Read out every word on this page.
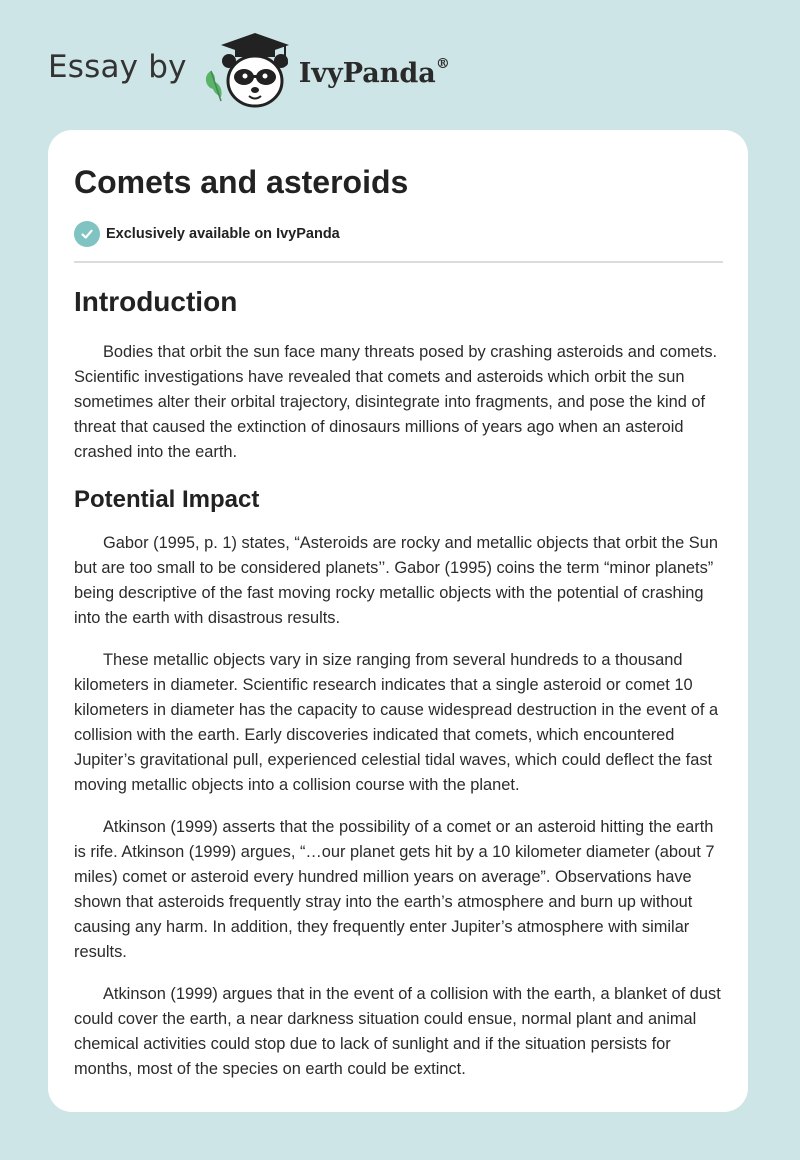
Essay by	IvyPanda®
Comets and asteroids
Exclusively available on IvyPanda
Introduction

Bodies that orbit the sun face many threats posed by crashing asteroids and comets. Scientific investigations have revealed that comets and asteroids which orbit the sun sometimes alter their orbital trajectory, disintegrate into fragments, and pose the kind of threat that caused the extinction of dinosaurs millions of years ago when an asteroid crashed into the earth.

Potential Impact

Gabor (1995, p. 1) states, “Asteroids are rocky and metallic objects that orbit the Sun but are too small to be considered planets’’. Gabor (1995) coins the term “minor planets” being descriptive of the fast moving rocky metallic objects with the potential of crashing into the earth with disastrous results.

These metallic objects vary in size ranging from several hundreds to a thousand kilometers in diameter. Scientific research indicates that a single asteroid or comet 10 kilometers in diameter has the capacity to cause widespread destruction in the event of a collision with the earth. Early discoveries indicated that comets, which encountered Jupiter’s gravitational pull, experienced celestial tidal waves, which could deflect the fast moving metallic objects into a collision course with the planet.

Atkinson (1999) asserts that the possibility of a comet or an asteroid hitting the earth is rife. Atkinson (1999) argues, “…our planet gets hit by a 10 kilometer diameter (about 7 miles) comet or asteroid every hundred million years on average”. Observations have shown that asteroids frequently stray into the earth’s atmosphere and burn up without causing any harm. In addition, they frequently enter Jupiter’s atmosphere with similar results.

Atkinson (1999) argues that in the event of a collision with the earth, a blanket of dust could cover the earth, a near darkness situation could ensue, normal plant and animal chemical activities could stop due to lack of sunlight and if the situation persists for months, most of the species on earth could be extinct.
